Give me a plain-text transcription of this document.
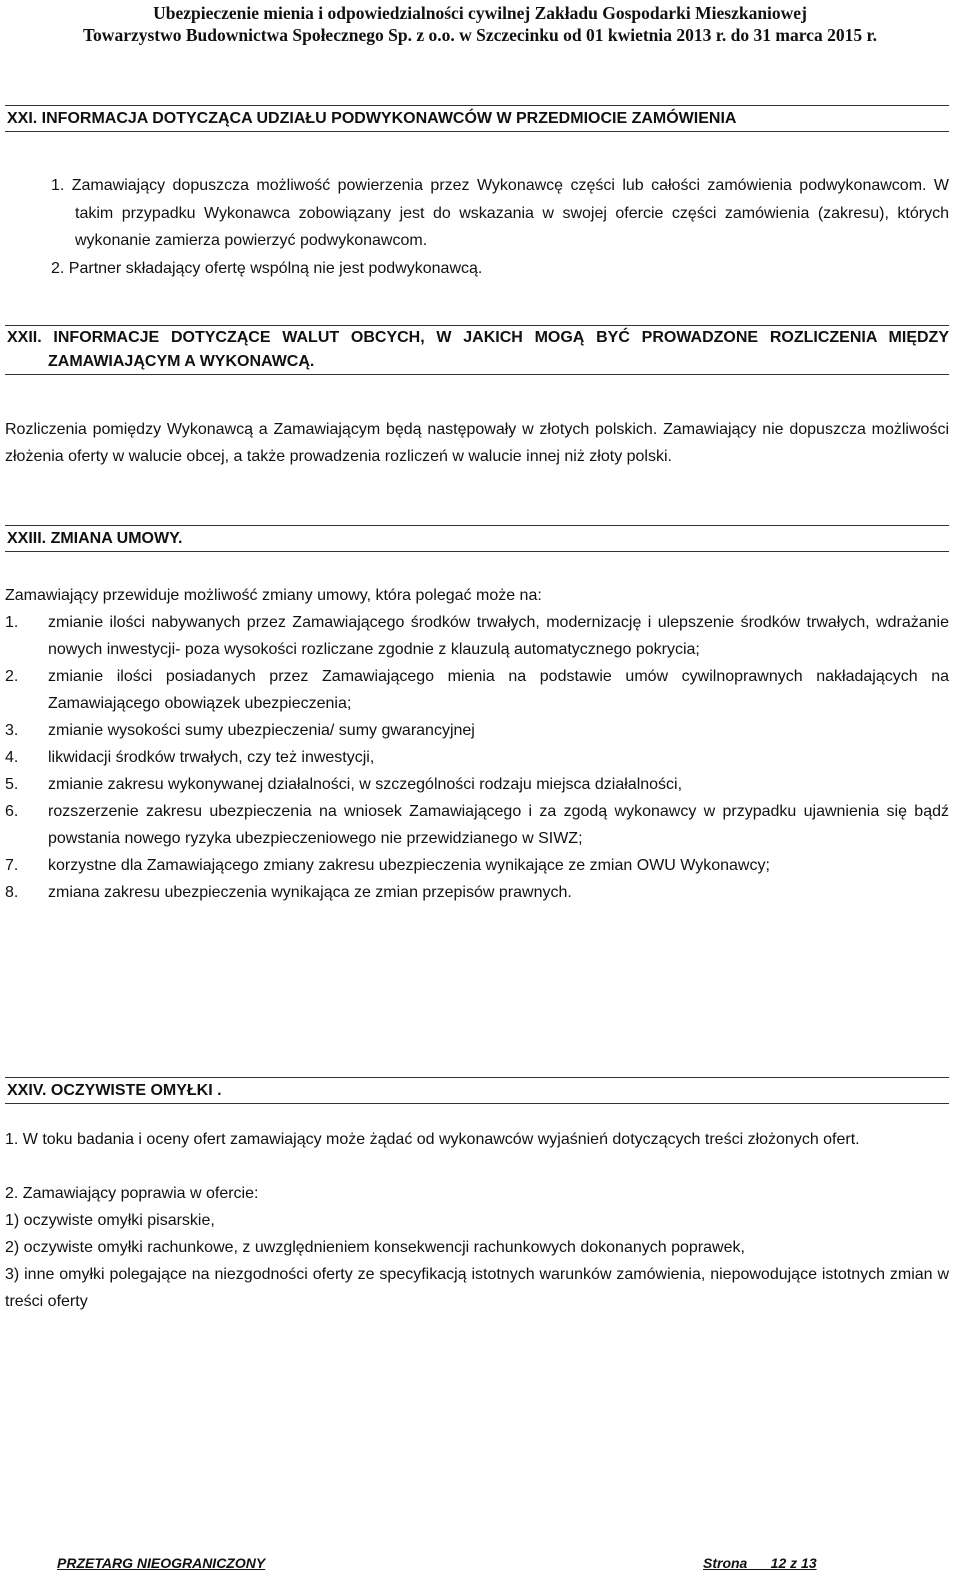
Ubezpieczenie mienia i odpowiedzialności cywilnej Zakładu Gospodarki Mieszkaniowej
Towarzystwo Budownictwa Społecznego Sp. z o.o. w Szczecinku od 01 kwietnia 2013 r. do 31 marca 2015 r.
XXI. INFORMACJA DOTYCZĄCA UDZIAŁU PODWYKONAWCÓW W PRZEDMIOCIE ZAMÓWIENIA
1. Zamawiający dopuszcza możliwość powierzenia przez Wykonawcę części lub całości zamówienia podwykonawcom. W takim przypadku Wykonawca zobowiązany jest do wskazania w swojej ofercie części zamówienia (zakresu), których wykonanie zamierza powierzyć podwykonawcom.
2. Partner składający ofertę wspólną nie jest podwykonawcą.
XXII. INFORMACJE DOTYCZĄCE WALUT OBCYCH, W JAKICH MOGĄ BYĆ PROWADZONE ROZLICZENIA MIĘDZY ZAMAWIAJĄCYM A WYKONAWCĄ.
Rozliczenia pomiędzy Wykonawcą a Zamawiającym będą następowały w złotych polskich. Zamawiający nie dopuszcza możliwości złożenia oferty w walucie obcej, a także prowadzenia rozliczeń w walucie innej niż złoty polski.
XXIII. ZMIANA UMOWY.
Zamawiający przewiduje możliwość zmiany umowy, która polegać może na:
1. zmianie ilości nabywanych przez Zamawiającego środków trwałych, modernizację i ulepszenie środków trwałych, wdrażanie nowych inwestycji- poza wysokości rozliczane zgodnie z klauzulą automatycznego pokrycia;
2. zmianie ilości posiadanych przez Zamawiającego mienia na podstawie umów cywilnoprawnych nakładających na Zamawiającego obowiązek ubezpieczenia;
3. zmianie wysokości sumy ubezpieczenia/ sumy gwarancyjnej
4. likwidacji środków trwałych, czy też inwestycji,
5. zmianie zakresu wykonywanej działalności, w szczególności rodzaju miejsca działalności,
6. rozszerzenie zakresu ubezpieczenia na wniosek Zamawiającego i za zgodą wykonawcy w przypadku ujawnienia się bądź powstania nowego ryzyka ubezpieczeniowego nie przewidzianego w SIWZ;
7. korzystne dla Zamawiającego zmiany zakresu ubezpieczenia wynikające ze zmian OWU Wykonawcy;
8. zmiana zakresu ubezpieczenia wynikająca ze zmian przepisów prawnych.
XXIV. OCZYWISTE OMYŁKI .
1. W toku badania i oceny ofert zamawiający może żądać od wykonawców wyjaśnień dotyczących treści złożonych ofert.
2. Zamawiający poprawia w ofercie:
1) oczywiste omyłki pisarskie,
2) oczywiste omyłki rachunkowe, z uwzględnieniem konsekwencji rachunkowych dokonanych poprawek,
3) inne omyłki polegające na niezgodności oferty ze specyfikacją istotnych warunków zamówienia, niepowodujące istotnych zmian w treści oferty
PRZETARG NIEOGRANICZONY	Strona      12 z 13
